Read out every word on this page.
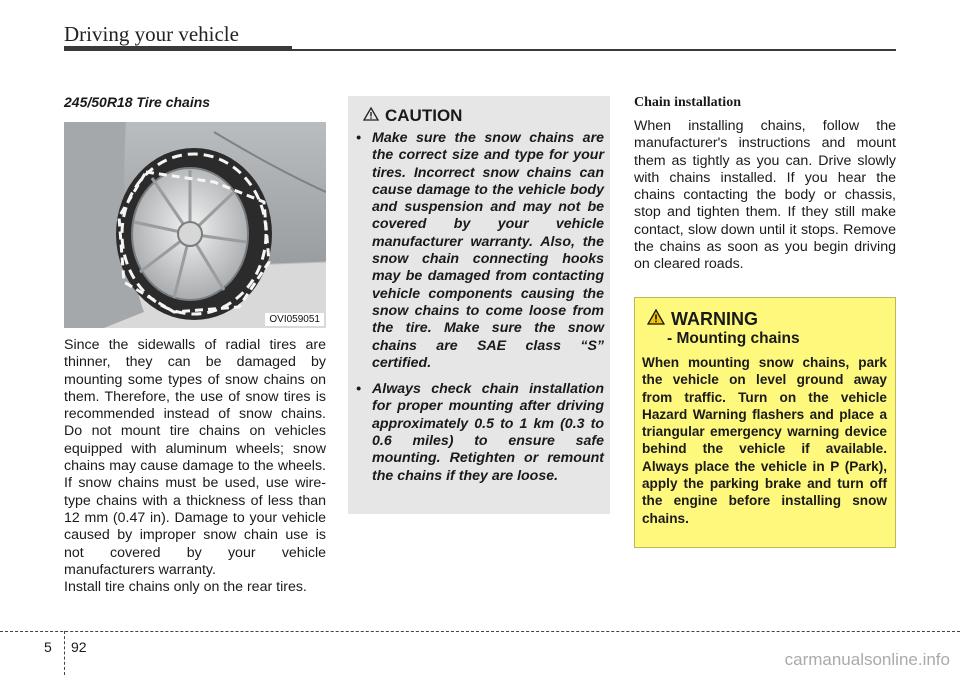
Driving your vehicle
245/50R18 Tire chains
OVI059051

Since the sidewalls of radial tires are thinner, they can be damaged by mounting some types of snow chains on them. Therefore, the use of snow tires is recommended instead of snow chains. Do not mount tire chains on vehicles equipped with aluminum wheels; snow chains may cause damage to the wheels. If snow chains must be used, use wire-type chains with a thickness of less than 12 mm (0.47 in). Damage to your vehicle caused by improper snow chain use is not covered by your vehicle manufacturers warranty.

Install tire chains only on the rear tires.

CAUTION
• Make sure the snow chains are the correct size and type for your tires. Incorrect snow chains can cause damage to the vehicle body and suspension and may not be covered by your vehicle manufacturer warranty. Also, the snow chain connecting hooks may be damaged from contacting vehicle components causing the snow chains to come loose from the tire. Make sure the snow chains are SAE class “S” certified.
• Always check chain installation for proper mounting after driving approximately 0.5 to 1 km (0.3 to 0.6 miles) to ensure safe mounting. Retighten or remount the chains if they are loose.
Chain installation

When installing chains, follow the manufacturer's instructions and mount them as tightly as you can. Drive slowly with chains installed. If you hear the chains contacting the body or chassis, stop and tighten them. If they still make contact, slow down until it stops. Remove the chains as soon as you begin driving on cleared roads.

WARNING
- Mounting chains

When mounting snow chains, park the vehicle on level ground away from traffic. Turn on the vehicle Hazard Warning flashers and place a triangular emergency warning device behind the vehicle if available. Always place the vehicle in P (Park), apply the parking brake and turn off the engine before installing snow chains.

5 92
carmanualsonline.info
